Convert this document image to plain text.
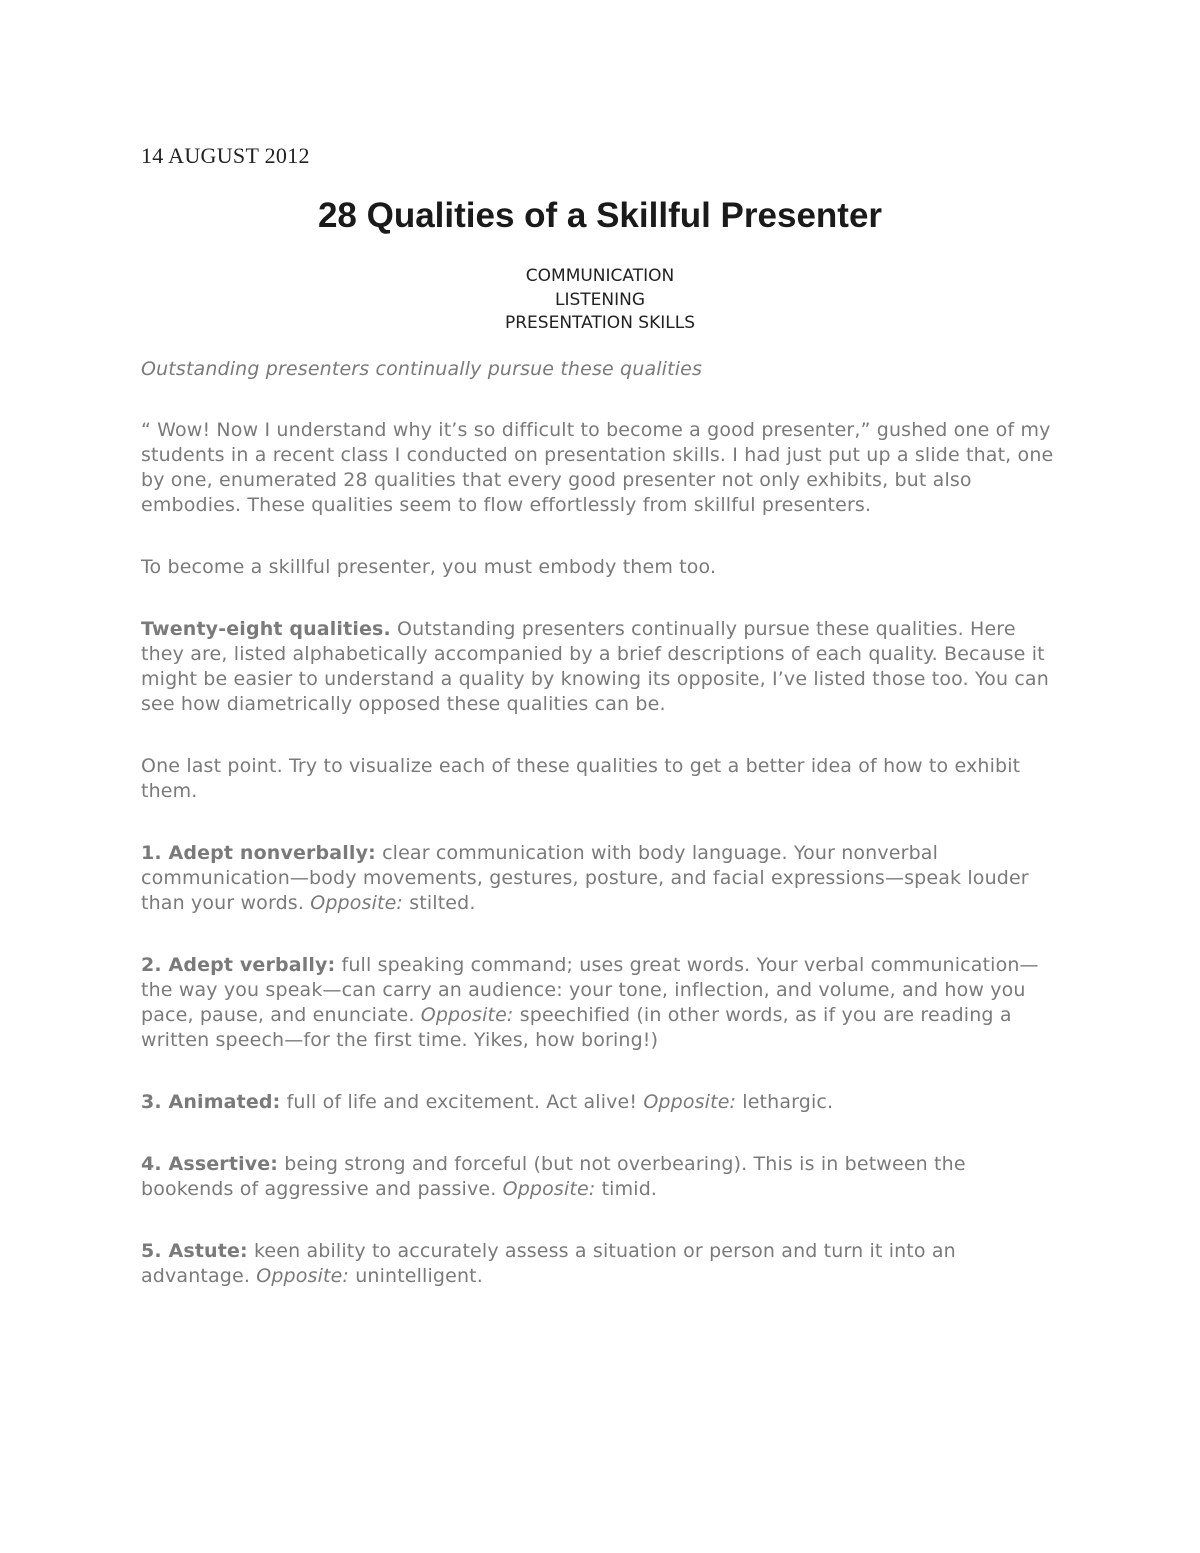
14 AUGUST 2012
28 Qualities of a Skillful Presenter
COMMUNICATION
LISTENING
PRESENTATION SKILLS

Outstanding presenters continually pursue these qualities

“ Wow! Now I understand why it’s so difficult to become a good presenter,” gushed one of my students in a recent class I conducted on presentation skills. I had just put up a slide that, one by one, enumerated 28 qualities that every good presenter not only exhibits, but also embodies. These qualities seem to flow effortlessly from skillful presenters.

To become a skillful presenter, you must embody them too.

Twenty-eight qualities. Outstanding presenters continually pursue these qualities. Here they are, listed alphabetically accompanied by a brief descriptions of each quality. Because it might be easier to understand a quality by knowing its opposite, I’ve listed those too. You can see how diametrically opposed these qualities can be.

One last point. Try to visualize each of these qualities to get a better idea of how to exhibit them.

1. Adept nonverbally: clear communication with body language. Your nonverbal communication—body movements, gestures, posture, and facial expressions—speak louder than your words. Opposite: stilted.

2. Adept verbally: full speaking command; uses great words. Your verbal communication—the way you speak—can carry an audience: your tone, inflection, and volume, and how you pace, pause, and enunciate. Opposite: speechified (in other words, as if you are reading a written speech—for the first time. Yikes, how boring!)

3. Animated: full of life and excitement. Act alive! Opposite: lethargic.

4. Assertive: being strong and forceful (but not overbearing). This is in between the bookends of aggressive and passive. Opposite: timid.

5. Astute: keen ability to accurately assess a situation or person and turn it into an advantage. Opposite: unintelligent.
